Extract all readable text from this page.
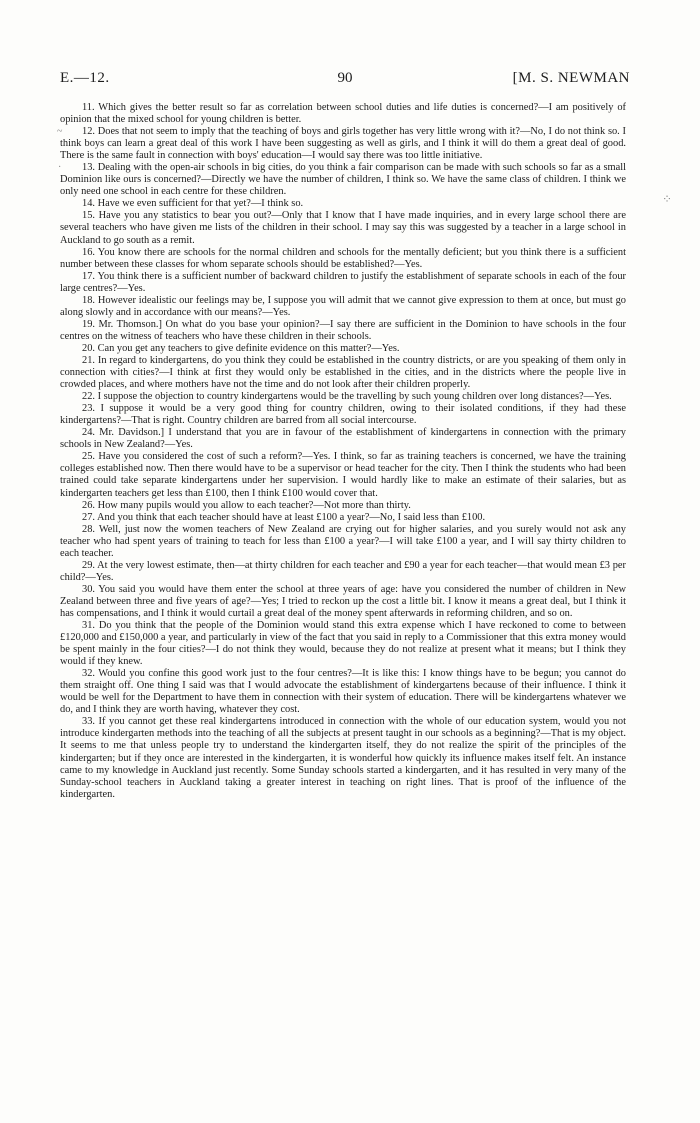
E.—12.	90	[M. S. NEWMAN
~
·
⁘

11. Which gives the better result so far as correlation between school duties and life duties is concerned?—I am positively of opinion that the mixed school for young children is better.

12. Does that not seem to imply that the teaching of boys and girls together has very little wrong with it?—No, I do not think so. I think boys can learn a great deal of this work I have been suggesting as well as girls, and I think it will do them a great deal of good. There is the same fault in connection with boys' education—I would say there was too little initiative.

13. Dealing with the open-air schools in big cities, do you think a fair comparison can be made with such schools so far as a small Dominion like ours is concerned?—Directly we have the number of children, I think so. We have the same class of children. I think we only need one school in each centre for these children.

14. Have we even sufficient for that yet?—I think so.

15. Have you any statistics to bear you out?—Only that I know that I have made inquiries, and in every large school there are several teachers who have given me lists of the children in their school. I may say this was suggested by a teacher in a large school in Auckland to go south as a remit.

16. You know there are schools for the normal children and schools for the mentally deficient; but you think there is a sufficient number between these classes for whom separate schools should be established?—Yes.

17. You think there is a sufficient number of backward children to justify the establishment of separate schools in each of the four large centres?—Yes.

18. However idealistic our feelings may be, I suppose you will admit that we cannot give expression to them at once, but must go along slowly and in accordance with our means?—Yes.

19. Mr. Thomson.] On what do you base your opinion?—I say there are sufficient in the Dominion to have schools in the four centres on the witness of teachers who have these children in their schools.

20. Can you get any teachers to give definite evidence on this matter?—Yes.

21. In regard to kindergartens, do you think they could be established in the country districts, or are you speaking of them only in connection with cities?—I think at first they would only be established in the cities, and in the districts where the people live in crowded places, and where mothers have not the time and do not look after their children properly.

22. I suppose the objection to country kindergartens would be the travelling by such young children over long distances?—Yes.

23. I suppose it would be a very good thing for country children, owing to their isolated conditions, if they had these kindergartens?—That is right. Country children are barred from all social intercourse.

24. Mr. Davidson.] I understand that you are in favour of the establishment of kindergartens in connection with the primary schools in New Zealand?—Yes.

25. Have you considered the cost of such a reform?—Yes. I think, so far as training teachers is concerned, we have the training colleges established now. Then there would have to be a supervisor or head teacher for the city. Then I think the students who had been trained could take separate kindergartens under her supervision. I would hardly like to make an estimate of their salaries, but as kindergarten teachers get less than £100, then I think £100 would cover that.

26. How many pupils would you allow to each teacher?—Not more than thirty.

27. And you think that each teacher should have at least £100 a year?—No, I said less than £100.

28. Well, just now the women teachers of New Zealand are crying out for higher salaries, and you surely would not ask any teacher who had spent years of training to teach for less than £100 a year?—I will take £100 a year, and I will say thirty children to each teacher.

29. At the very lowest estimate, then—at thirty children for each teacher and £90 a year for each teacher—that would mean £3 per child?—Yes.

30. You said you would have them enter the school at three years of age: have you considered the number of children in New Zealand between three and five years of age?—Yes; I tried to reckon up the cost a little bit. I know it means a great deal, but I think it has compensations, and I think it would curtail a great deal of the money spent afterwards in reforming children, and so on.

31. Do you think that the people of the Dominion would stand this extra expense which I have reckoned to come to between £120,000 and £150,000 a year, and particularly in view of the fact that you said in reply to a Commissioner that this extra money would be spent mainly in the four cities?—I do not think they would, because they do not realize at present what it means; but I think they would if they knew.

32. Would you confine this good work just to the four centres?—It is like this: I know things have to be begun; you cannot do them straight off. One thing I said was that I would advocate the establishment of kindergartens because of their influence. I think it would be well for the Department to have them in connection with their system of education. There will be kindergartens whatever we do, and I think they are worth having, whatever they cost.

33. If you cannot get these real kindergartens introduced in connection with the whole of our education system, would you not introduce kindergarten methods into the teaching of all the subjects at present taught in our schools as a beginning?—That is my object. It seems to me that unless people try to understand the kindergarten itself, they do not realize the spirit of the principles of the kindergarten; but if they once are interested in the kindergarten, it is wonderful how quickly its influence makes itself felt. An instance came to my knowledge in Auckland just recently. Some Sunday schools started a kindergarten, and it has resulted in very many of the Sunday-school teachers in Auckland taking a greater interest in teaching on right lines. That is proof of the influence of the kindergarten.
